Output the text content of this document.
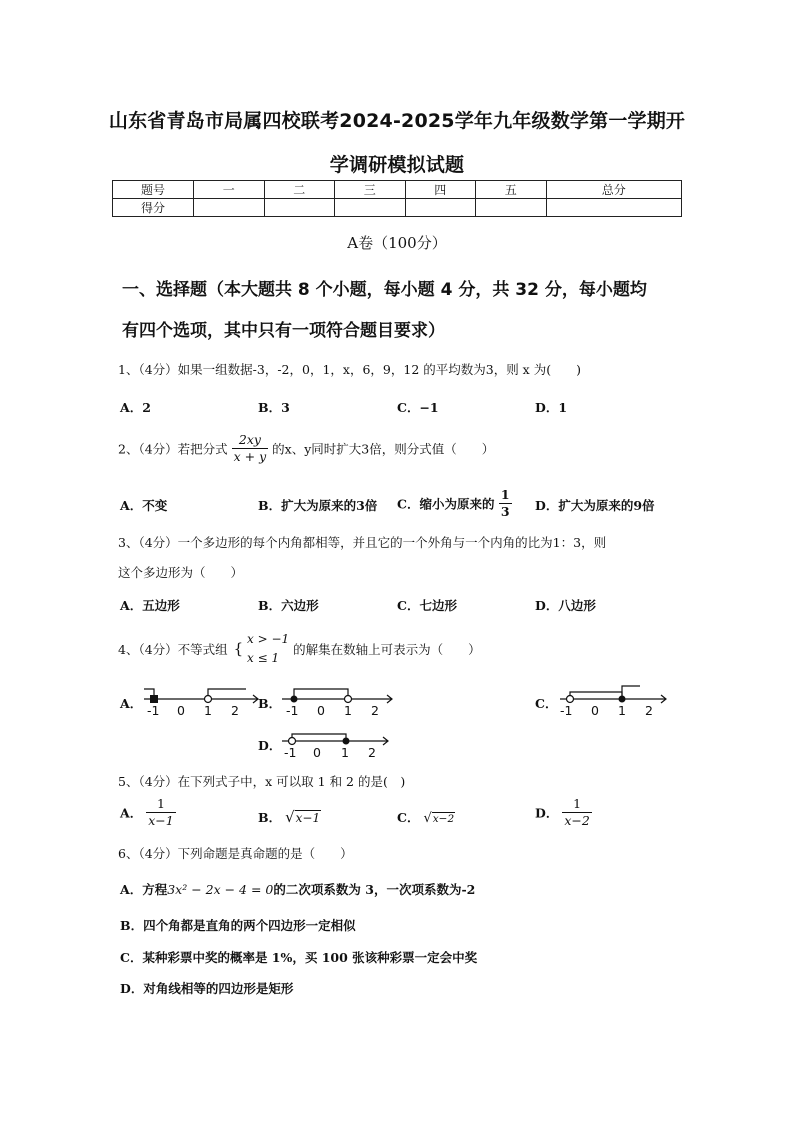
山东省青岛市局属四校联考2024-2025学年九年级数学第一学期开
学调研模拟试题
题号	一	二	三	四	五	总分
得分						
A卷（100分）
一、选择题（本大题共 8 个小题，每小题 4 分，共 32 分，每小题均
有四个选项，其中只有一项符合题目要求）
1、（4分）如果一组数据-3，-2，0，1，x，6，9，12 的平均数为3，则 x 为(　　)
A．2	B．3	C．−1	D．1
2、（4分）若把分式 $\frac{2xy}{x + y}$ 的x、y同时扩大3倍，则分式值（　　）
A．不变	B．扩大为原来的3倍 C．缩小为原来的 $\frac{1}{3}$ D．扩大为原来的9倍
3、（4分）一个多边形的每个内角都相等，并且它的一个外角与一个内角的比为1：3，则
这个多边形为（　　）
A．五边形	B．六边形	C．七边形	D．八边形
4、（4分）不等式组 {
x > −1
x ≤ 1
的解集在数轴上可表示为（　　）
A．	B．	C．
D．
-1 0 1 2	-1 0 1 2	-1 0 1 2
-1 0 1 2
5、（4分）在下列式子中，x 可以取 1 和 2 的是(　)
A． $\frac{1}{x-1}$	B． √x−1	C． √x−2	D． $\frac{1}{x-2}$
6、（4分）下列命题是真命题的是（　　）
A．方程3x² − 2x − 4 = 0的二次项系数为 3，一次项系数为-2
B．四个角都是直角的两个四边形一定相似
C．某种彩票中奖的概率是 1%，买 100 张该种彩票一定会中奖
D．对角线相等的四边形是矩形
